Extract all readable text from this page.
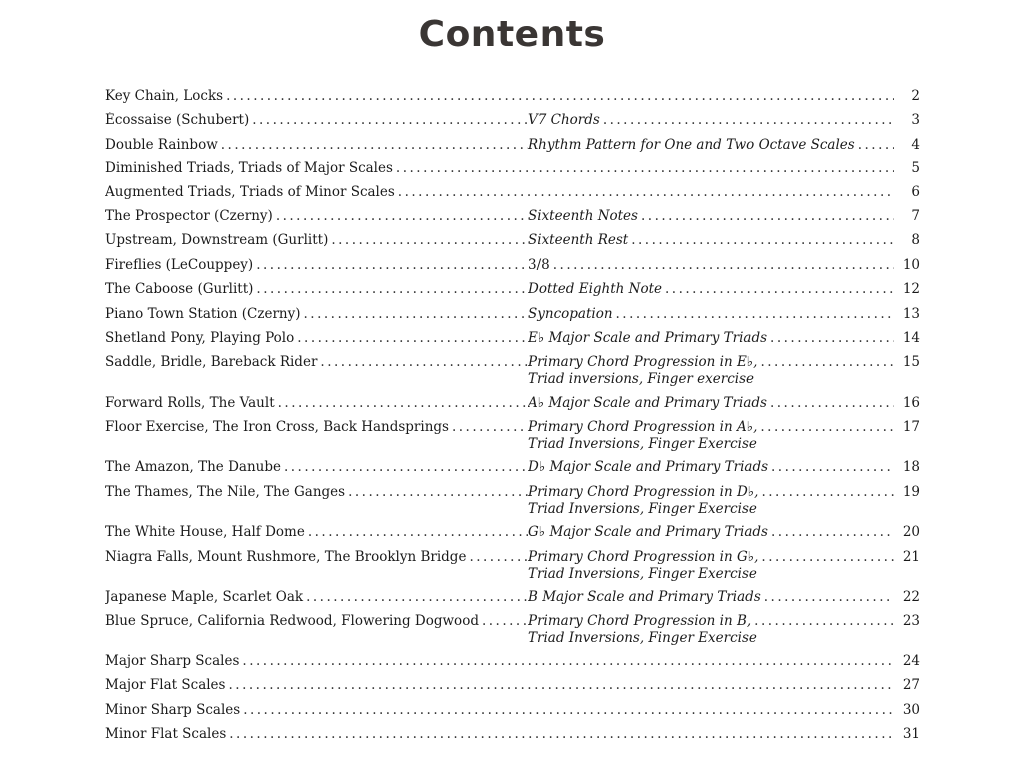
Contents
Key Chain, Locks .....	2
Écossaise (Schubert) .....	V7 Chords .....	3
Double Rainbow .....	Rhythm Pattern for One and Two Octave Scales .....	4
Diminished Triads, Triads of Major Scales .....	5
Augmented Triads, Triads of Minor Scales .....	6
The Prospector (Czerny) .....	Sixteenth Notes .....	7
Upstream, Downstream (Gurlitt) .....	Sixteenth Rest .....	8
Fireflies (LeCouppey) .....	3/8 .....	10
The Caboose (Gurlitt) .....	Dotted Eighth Note .....	12
Piano Town Station (Czerny) .....	Syncopation .....	13
Shetland Pony, Playing Polo .....	E♭ Major Scale and Primary Triads .....	14
Saddle, Bridle, Bareback Rider .....	Primary Chord Progression in E♭, .....	15
Triad inversions, Finger exercise
Forward Rolls, The Vault .....	A♭ Major Scale and Primary Triads .....	16
Floor Exercise, The Iron Cross, Back Handsprings .....	Primary Chord Progression in A♭, .....	17
Triad Inversions, Finger Exercise
The Amazon, The Danube .....	D♭ Major Scale and Primary Triads .....	18
The Thames, The Nile, The Ganges .....	Primary Chord Progression in D♭, .....	19
Triad Inversions, Finger Exercise
The White House, Half Dome .....	G♭ Major Scale and Primary Triads .....	20
Niagra Falls, Mount Rushmore, The Brooklyn Bridge .....	Primary Chord Progression in G♭, .....	21
Triad Inversions, Finger Exercise
Japanese Maple, Scarlet Oak .....	B Major Scale and Primary Triads .....	22
Blue Spruce, California Redwood, Flowering Dogwood .....	Primary Chord Progression in B, .....	23
Triad Inversions, Finger Exercise
Major Sharp Scales .....	24
Major Flat Scales .....	27
Minor Sharp Scales .....	30
Minor Flat Scales .....	31
